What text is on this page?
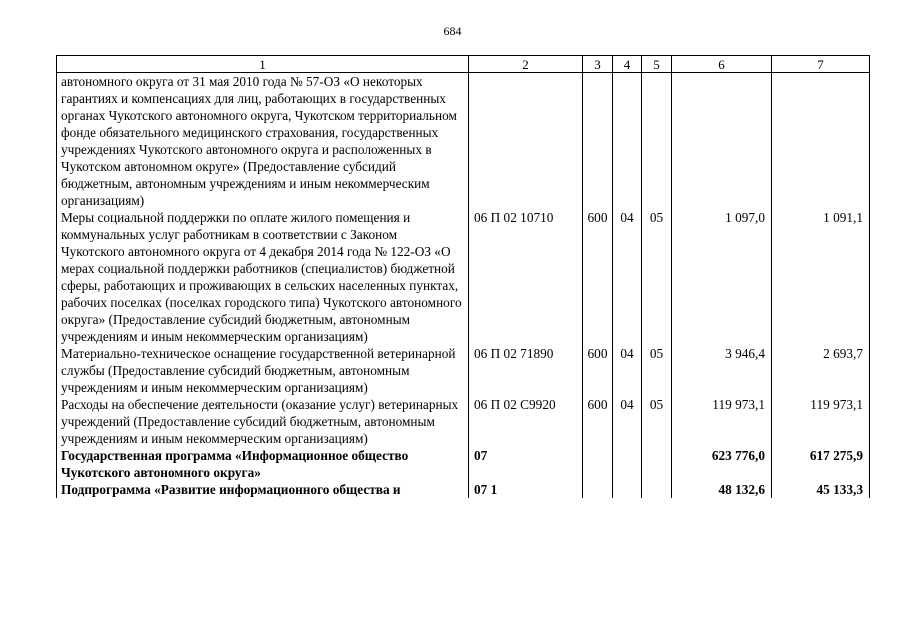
684
1	2	3	4	5	6	7
автономного округа от 31 мая 2010 года № 57-ОЗ «О некоторых гарантиях и компенсациях для лиц, работающих в государственных органах Чукотского автономного округа, Чукотском территориальном фонде обязательного медицинского страхования, государственных учреждениях Чукотского автономного округа и расположенных в Чукотском автономном округе» (Предоставление субсидий бюджетным, автономным учреждениям и иным некоммерческим организациям)						
Меры социальной поддержки по оплате жилого помещения и коммунальных услуг работникам в соответствии с Законом Чукотского автономного округа от 4 декабря 2014 года № 122-ОЗ «О мерах социальной поддержки работников (специалистов) бюджетной сферы, работающих и проживающих в сельских населенных пунктах, рабочих поселках (поселках городского типа) Чукотского автономного округа» (Предоставление субсидий бюджетным, автономным учреждениям и иным некоммерческим организациям)	06 П 02 10710	600	04	05	1 097,0	1 091,1
Материально-техническое оснащение государственной ветеринарной службы (Предоставление субсидий бюджетным, автономным учреждениям и иным некоммерческим организациям)	06 П 02 71890	600	04	05	3 946,4	2 693,7
Расходы на обеспечение деятельности (оказание услуг) ветеринарных учреждений (Предоставление субсидий бюджетным, автономным учреждениям и иным некоммерческим организациям)	06 П 02 С9920	600	04	05	119 973,1	119 973,1
Государственная программа «Информационное общество Чукотского автономного округа»	07				623 776,0	617 275,9
Подпрограмма «Развитие информационного общества и	07 1				48 132,6	45 133,3
